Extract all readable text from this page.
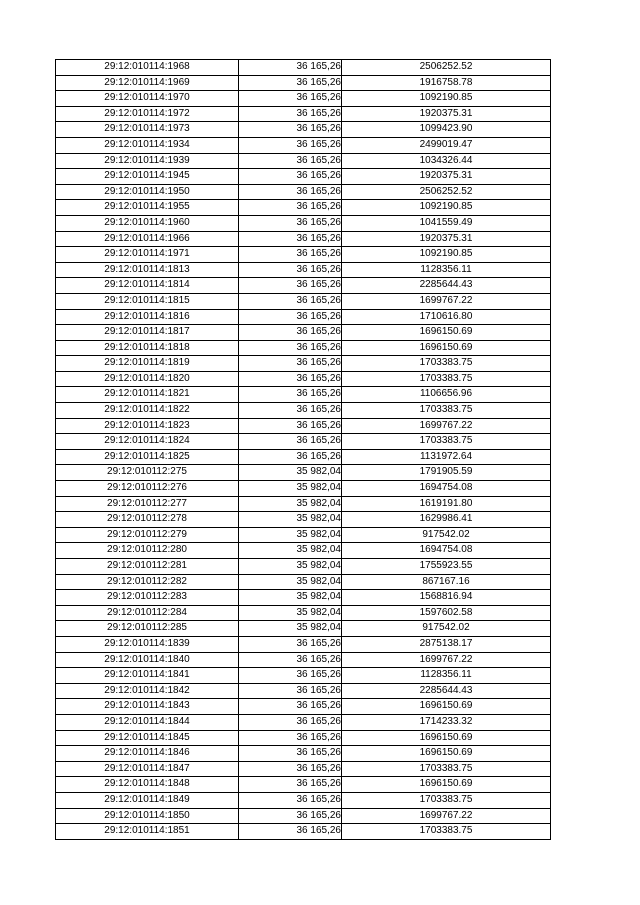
29:12:010114:1968	36 165,26	2506252.52
29:12:010114:1969	36 165,26	1916758.78
29:12:010114:1970	36 165,26	1092190.85
29:12:010114:1972	36 165,26	1920375.31
29:12:010114:1973	36 165,26	1099423.90
29:12:010114:1934	36 165,26	2499019.47
29:12:010114:1939	36 165,26	1034326.44
29:12:010114:1945	36 165,26	1920375.31
29:12:010114:1950	36 165,26	2506252.52
29:12:010114:1955	36 165,26	1092190.85
29:12:010114:1960	36 165,26	1041559.49
29:12:010114:1966	36 165,26	1920375.31
29:12:010114:1971	36 165,26	1092190.85
29:12:010114:1813	36 165,26	1128356.11
29:12:010114:1814	36 165,26	2285644.43
29:12:010114:1815	36 165,26	1699767.22
29:12:010114:1816	36 165,26	1710616.80
29:12:010114:1817	36 165,26	1696150.69
29:12:010114:1818	36 165,26	1696150.69
29:12:010114:1819	36 165,26	1703383.75
29:12:010114:1820	36 165,26	1703383.75
29:12:010114:1821	36 165,26	1106656.96
29:12:010114:1822	36 165,26	1703383.75
29:12:010114:1823	36 165,26	1699767.22
29:12:010114:1824	36 165,26	1703383.75
29:12:010114:1825	36 165,26	1131972.64
29:12:010112:275	35 982,04	1791905.59
29:12:010112:276	35 982,04	1694754.08
29:12:010112:277	35 982,04	1619191.80
29:12:010112:278	35 982,04	1629986.41
29:12:010112:279	35 982,04	917542.02
29:12:010112:280	35 982,04	1694754.08
29:12:010112:281	35 982,04	1755923.55
29:12:010112:282	35 982,04	867167.16
29:12:010112:283	35 982,04	1568816.94
29:12:010112:284	35 982,04	1597602.58
29:12:010112:285	35 982,04	917542.02
29:12:010114:1839	36 165,26	2875138.17
29:12:010114:1840	36 165,26	1699767.22
29:12:010114:1841	36 165,26	1128356.11
29:12:010114:1842	36 165,26	2285644.43
29:12:010114:1843	36 165,26	1696150.69
29:12:010114:1844	36 165,26	1714233.32
29:12:010114:1845	36 165,26	1696150.69
29:12:010114:1846	36 165,26	1696150.69
29:12:010114:1847	36 165,26	1703383.75
29:12:010114:1848	36 165,26	1696150.69
29:12:010114:1849	36 165,26	1703383.75
29:12:010114:1850	36 165,26	1699767.22
29:12:010114:1851	36 165,26	1703383.75
